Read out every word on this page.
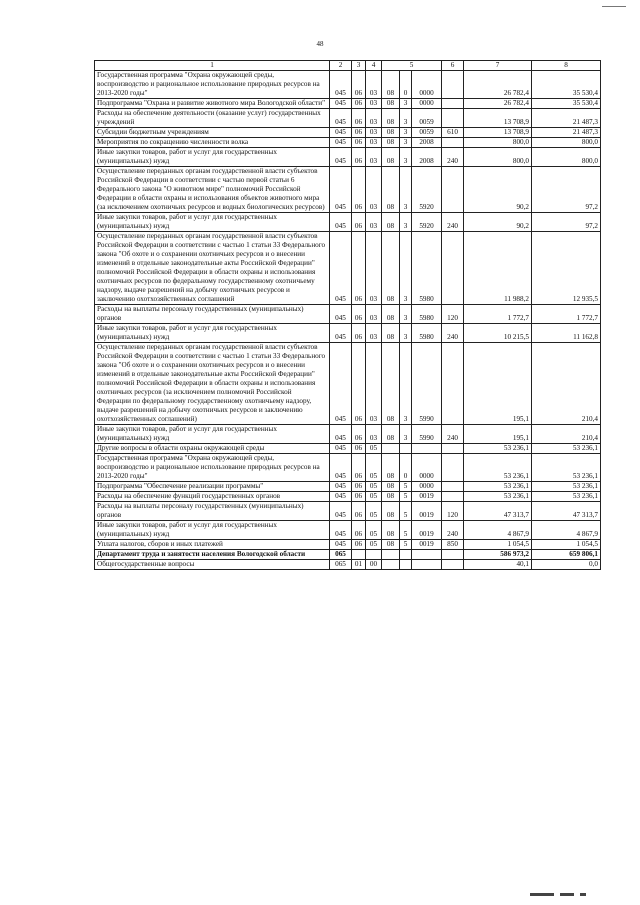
48
1	2	3	4	5			6	7	8
Государственная программа "Охрана окружающей среды, воспроизводство и рациональное использование природных ресурсов на 2013-2020 годы"	045	06	03	08	0	0000		26 782,4	35 530,4
Подпрограмма "Охрана и развитие животного мира Вологодской области"	045	06	03	08	3	0000		26 782,4	35 530,4
Расходы на обеспечение деятельности (оказание услуг) государственных учреждений	045	06	03	08	3	0059		13 708,9	21 487,3
Субсидии бюджетным учреждениям	045	06	03	08	3	0059	610	13 708,9	21 487,3
Мероприятия по сокращению численности волка	045	06	03	08	3	2008		800,0	800,0
Иные закупки товаров, работ и услуг для государственных (муниципальных) нужд	045	06	03	08	3	2008	240	800,0	800,0
Осуществление переданных органам государственной власти субъектов Российской Федерации в соответствии с частью первой статьи 6 Федерального закона "О животном мире" полномочий Российской Федерации в области охраны и использования объектов животного мира (за исключением охотничьих ресурсов и водных биологических ресурсов)	045	06	03	08	3	5920		90,2	97,2
Иные закупки товаров, работ и услуг для государственных (муниципальных) нужд	045	06	03	08	3	5920	240	90,2	97,2
Осуществление переданных органам государственной власти субъектов Российской Федерации в соответствии с частью 1 статьи 33 Федерального закона "Об охоте и о сохранении охотничьих ресурсов и о внесении изменений в отдельные законодательные акты Российской Федерации" полномочий Российской Федерации в области охраны и использования охотничьих ресурсов по федеральному государственному охотничьему надзору, выдаче разрешений на добычу охотничьих ресурсов и заключению охотхозяйственных соглашений	045	06	03	08	3	5980		11 988,2	12 935,5
Расходы на выплаты персоналу государственных (муниципальных) органов	045	06	03	08	3	5980	120	1 772,7	1 772,7
Иные закупки товаров, работ и услуг для государственных (муниципальных) нужд	045	06	03	08	3	5980	240	10 215,5	11 162,8
Осуществление переданных органам государственной власти субъектов Российской Федерации в соответствии с частью 1 статьи 33 Федерального закона "Об охоте и о сохранении охотничьих ресурсов и о внесении изменений в отдельные законодательные акты Российской Федерации" полномочий Российской Федерации в области охраны и использования охотничьих ресурсов (за исключением полномочий Российской Федерации по федеральному государственному охотничьему надзору, выдаче разрешений на добычу охотничьих ресурсов и заключению охотхозяйственных соглашений)	045	06	03	08	3	5990		195,1	210,4
Иные закупки товаров, работ и услуг для государственных (муниципальных) нужд	045	06	03	08	3	5990	240	195,1	210,4
Другие вопросы в области охраны окружающей среды	045	06	05					53 236,1	53 236,1
Государственная программа "Охрана окружающей среды, воспроизводство и рациональное использование природных ресурсов на 2013-2020 годы"	045	06	05	08	0	0000		53 236,1	53 236,1
Подпрограмма "Обеспечение реализации программы"	045	06	05	08	5	0000		53 236,1	53 236,1
Расходы на обеспечение функций государственных органов	045	06	05	08	5	0019		53 236,1	53 236,1
Расходы на выплаты персоналу государственных (муниципальных) органов	045	06	05	08	5	0019	120	47 313,7	47 313,7
Иные закупки товаров, работ и услуг для государственных (муниципальных) нужд	045	06	05	08	5	0019	240	4 867,9	4 867,9
Уплата налогов, сборов и иных платежей	045	06	05	08	5	0019	850	1 054,5	1 054,5
Департамент труда и занятости населения Вологодской области	065							586 973,2	659 806,1
Общегосударственные вопросы	065	01	00					40,1	0,0
